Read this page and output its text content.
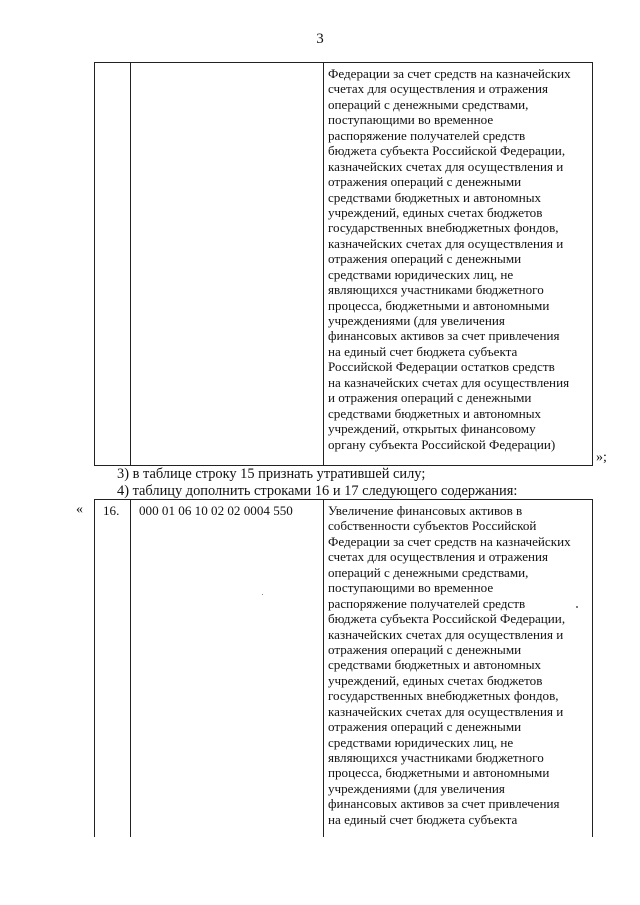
3
Федерации за счет средств на казначейских
счетах для осуществления и отражения
операций с денежными средствами,
поступающими во временное
распоряжение получателей средств
бюджета субъекта Российской Федерации,
казначейских счетах для осуществления и
отражения операций с денежными
средствами бюджетных и автономных
учреждений, единых счетах бюджетов
государственных внебюджетных фондов,
казначейских счетах для осуществления и
отражения операций с денежными
средствами юридических лиц, не
являющихся участниками бюджетного
процесса, бюджетными и автономными
учреждениями (для увеличения
финансовых активов за счет привлечения
на единый счет бюджета субъекта
Российской Федерации остатков средств
на казначейских счетах для осуществления
и отражения операций с денежными
средствами бюджетных и автономных
учреждений, открытых финансовому
органу субъекта Российской Федерации)
»;
3) в таблице строку 15 признать утратившей силу;
4) таблицу дополнить строками 16 и 17 следующего содержания:
« 16. 000 01 06 10 02 02 0004 550	Увеличение финансовых активов в
собственности субъектов Российской
Федерации за счет средств на казначейских
счетах для осуществления и отражения
операций с денежными средствами,
поступающими во временное
распоряжение получателей средств
бюджета субъекта Российской Федерации,
казначейских счетах для осуществления и
отражения операций с денежными
средствами бюджетных и автономных
учреждений, единых счетах бюджетов
государственных внебюджетных фондов,
казначейских счетах для осуществления и
отражения операций с денежными
средствами юридических лиц, не
являющихся участниками бюджетного
процесса, бюджетными и автономными
учреждениями (для увеличения
финансовых активов за счет привлечения
на единый счет бюджета субъекта
